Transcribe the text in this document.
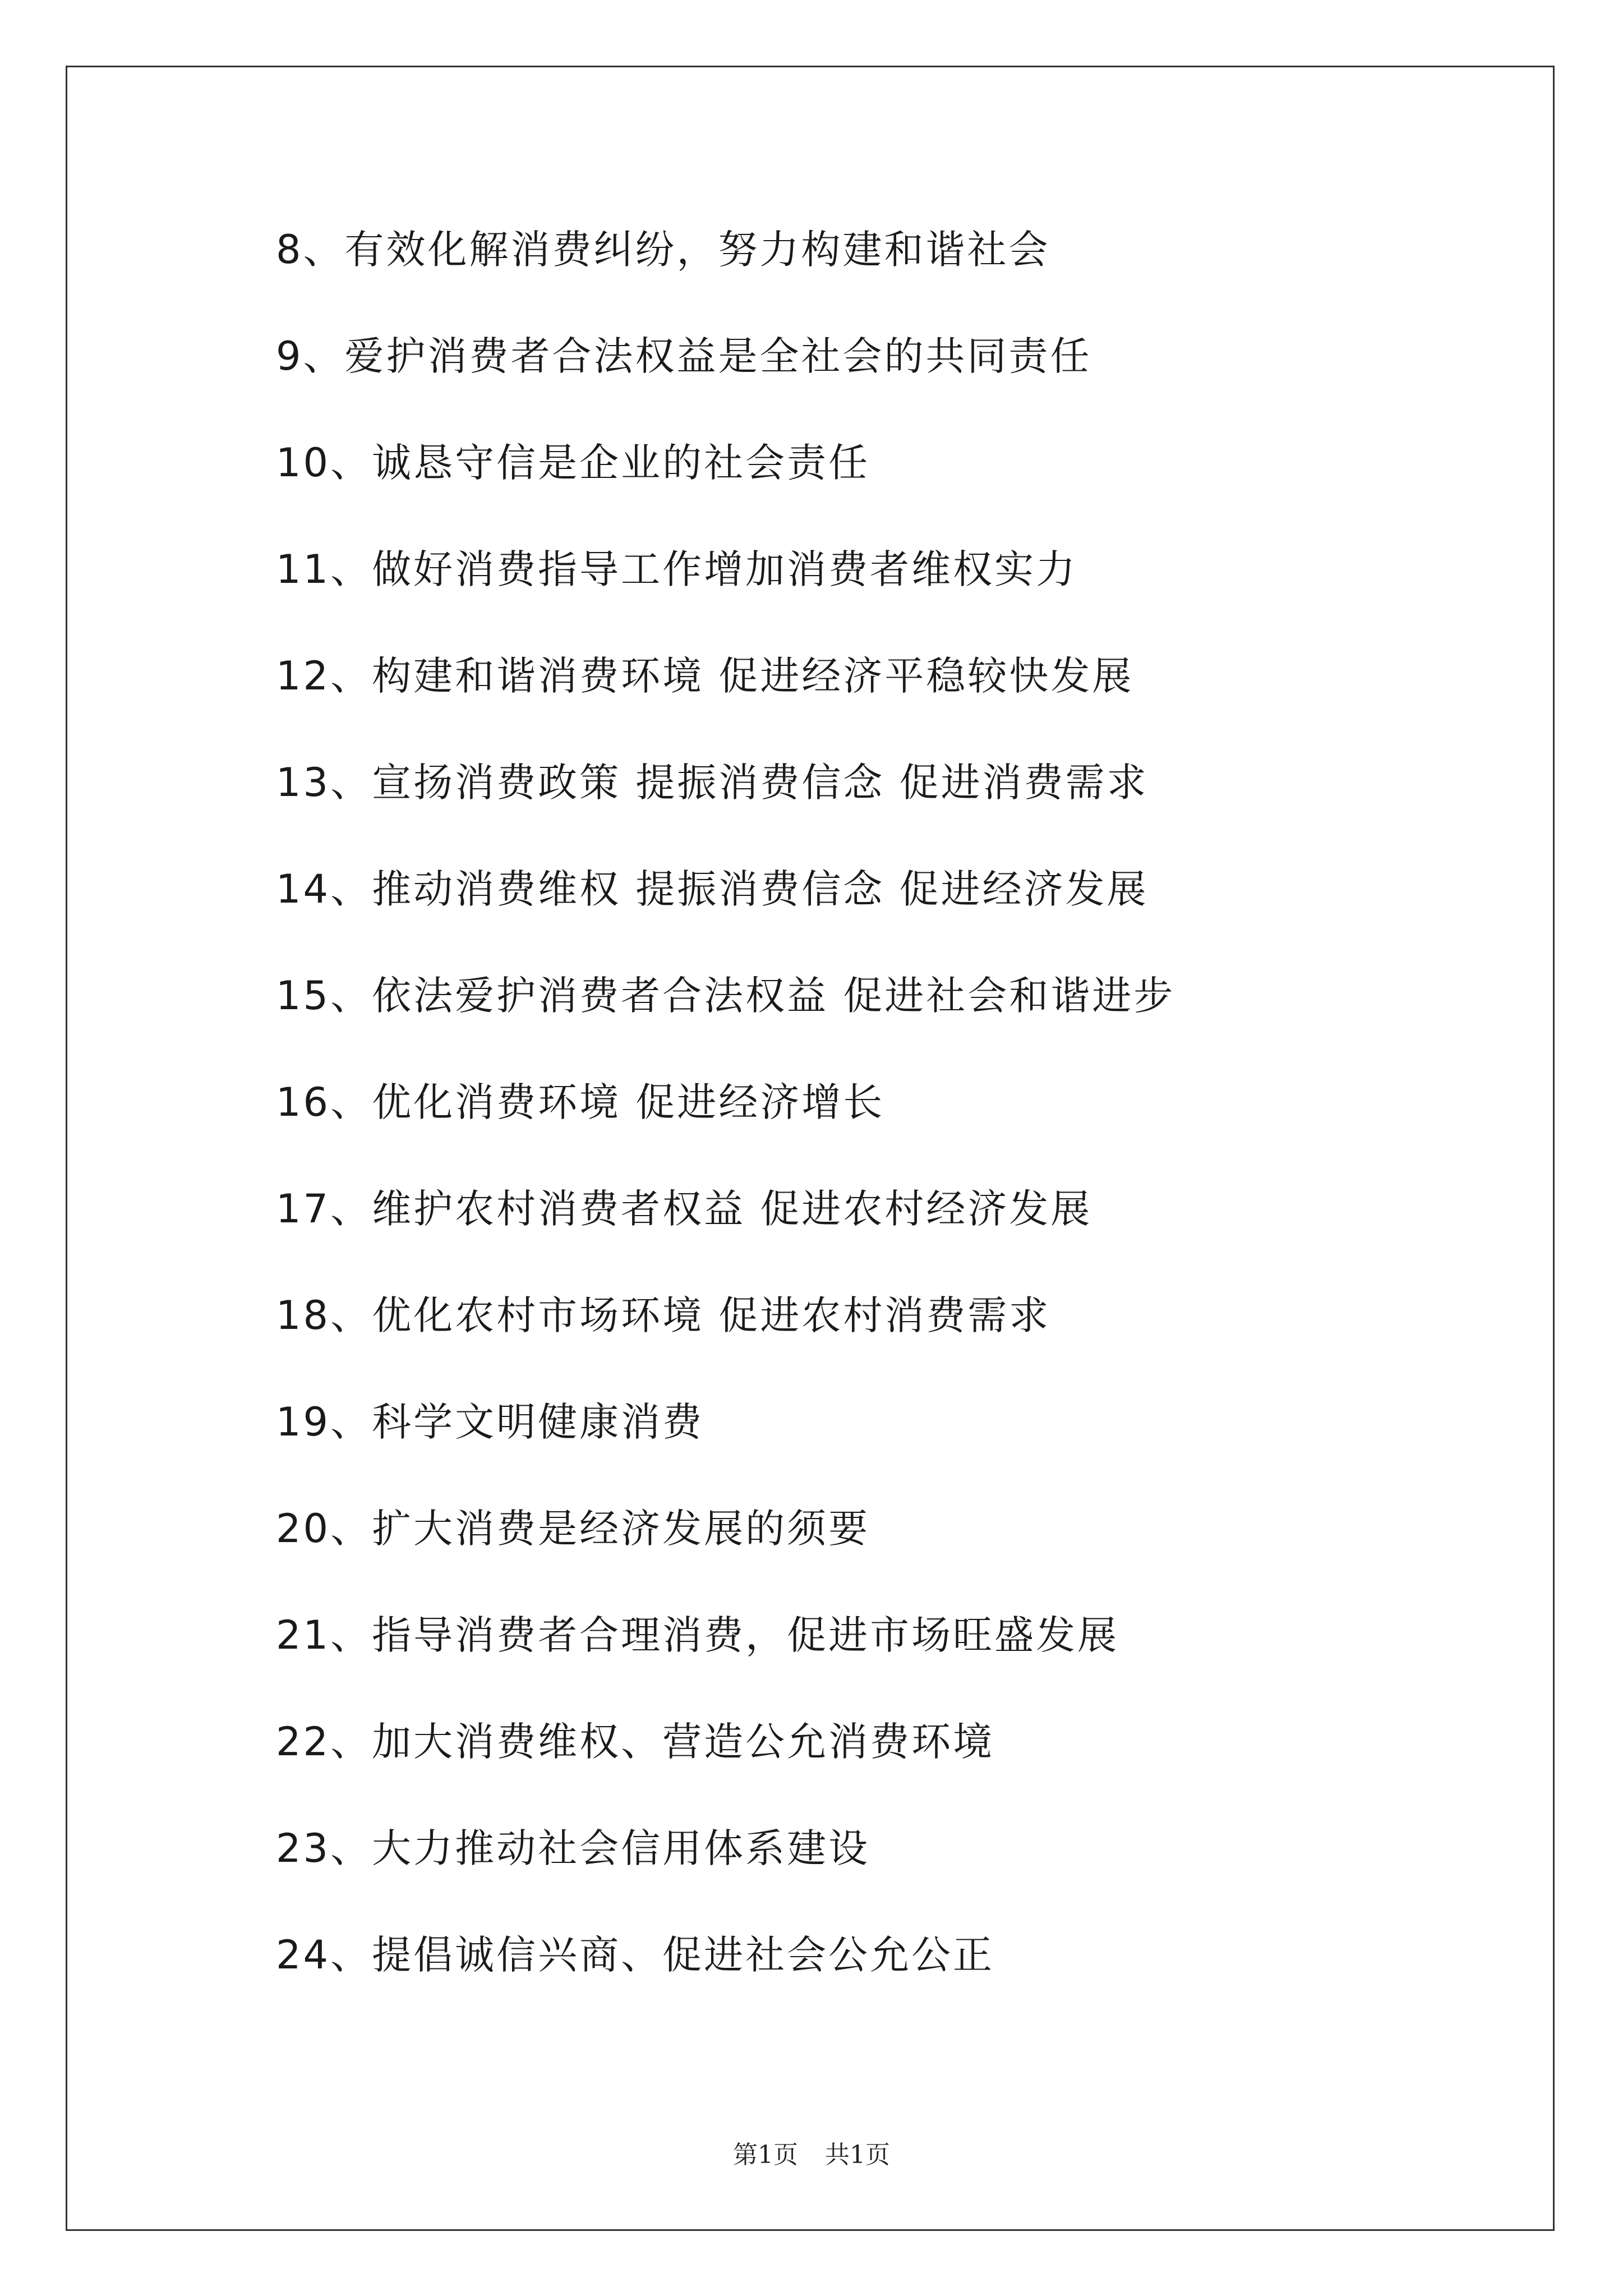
8、有效化解消费纠纷，努力构建和谐社会
9、爱护消费者合法权益是全社会的共同责任
10、诚恳守信是企业的社会责任
11、做好消费指导工作增加消费者维权实力
12、构建和谐消费环境 促进经济平稳较快发展
13、宣扬消费政策 提振消费信念 促进消费需求
14、推动消费维权 提振消费信念 促进经济发展
15、依法爱护消费者合法权益 促进社会和谐进步
16、优化消费环境 促进经济增长
17、维护农村消费者权益 促进农村经济发展
18、优化农村市场环境 促进农村消费需求
19、科学文明健康消费
20、扩大消费是经济发展的须要
21、指导消费者合理消费，促进市场旺盛发展
22、加大消费维权、营造公允消费环境
23、大力推动社会信用体系建设
24、提倡诚信兴商、促进社会公允公正
第1页 共1页
